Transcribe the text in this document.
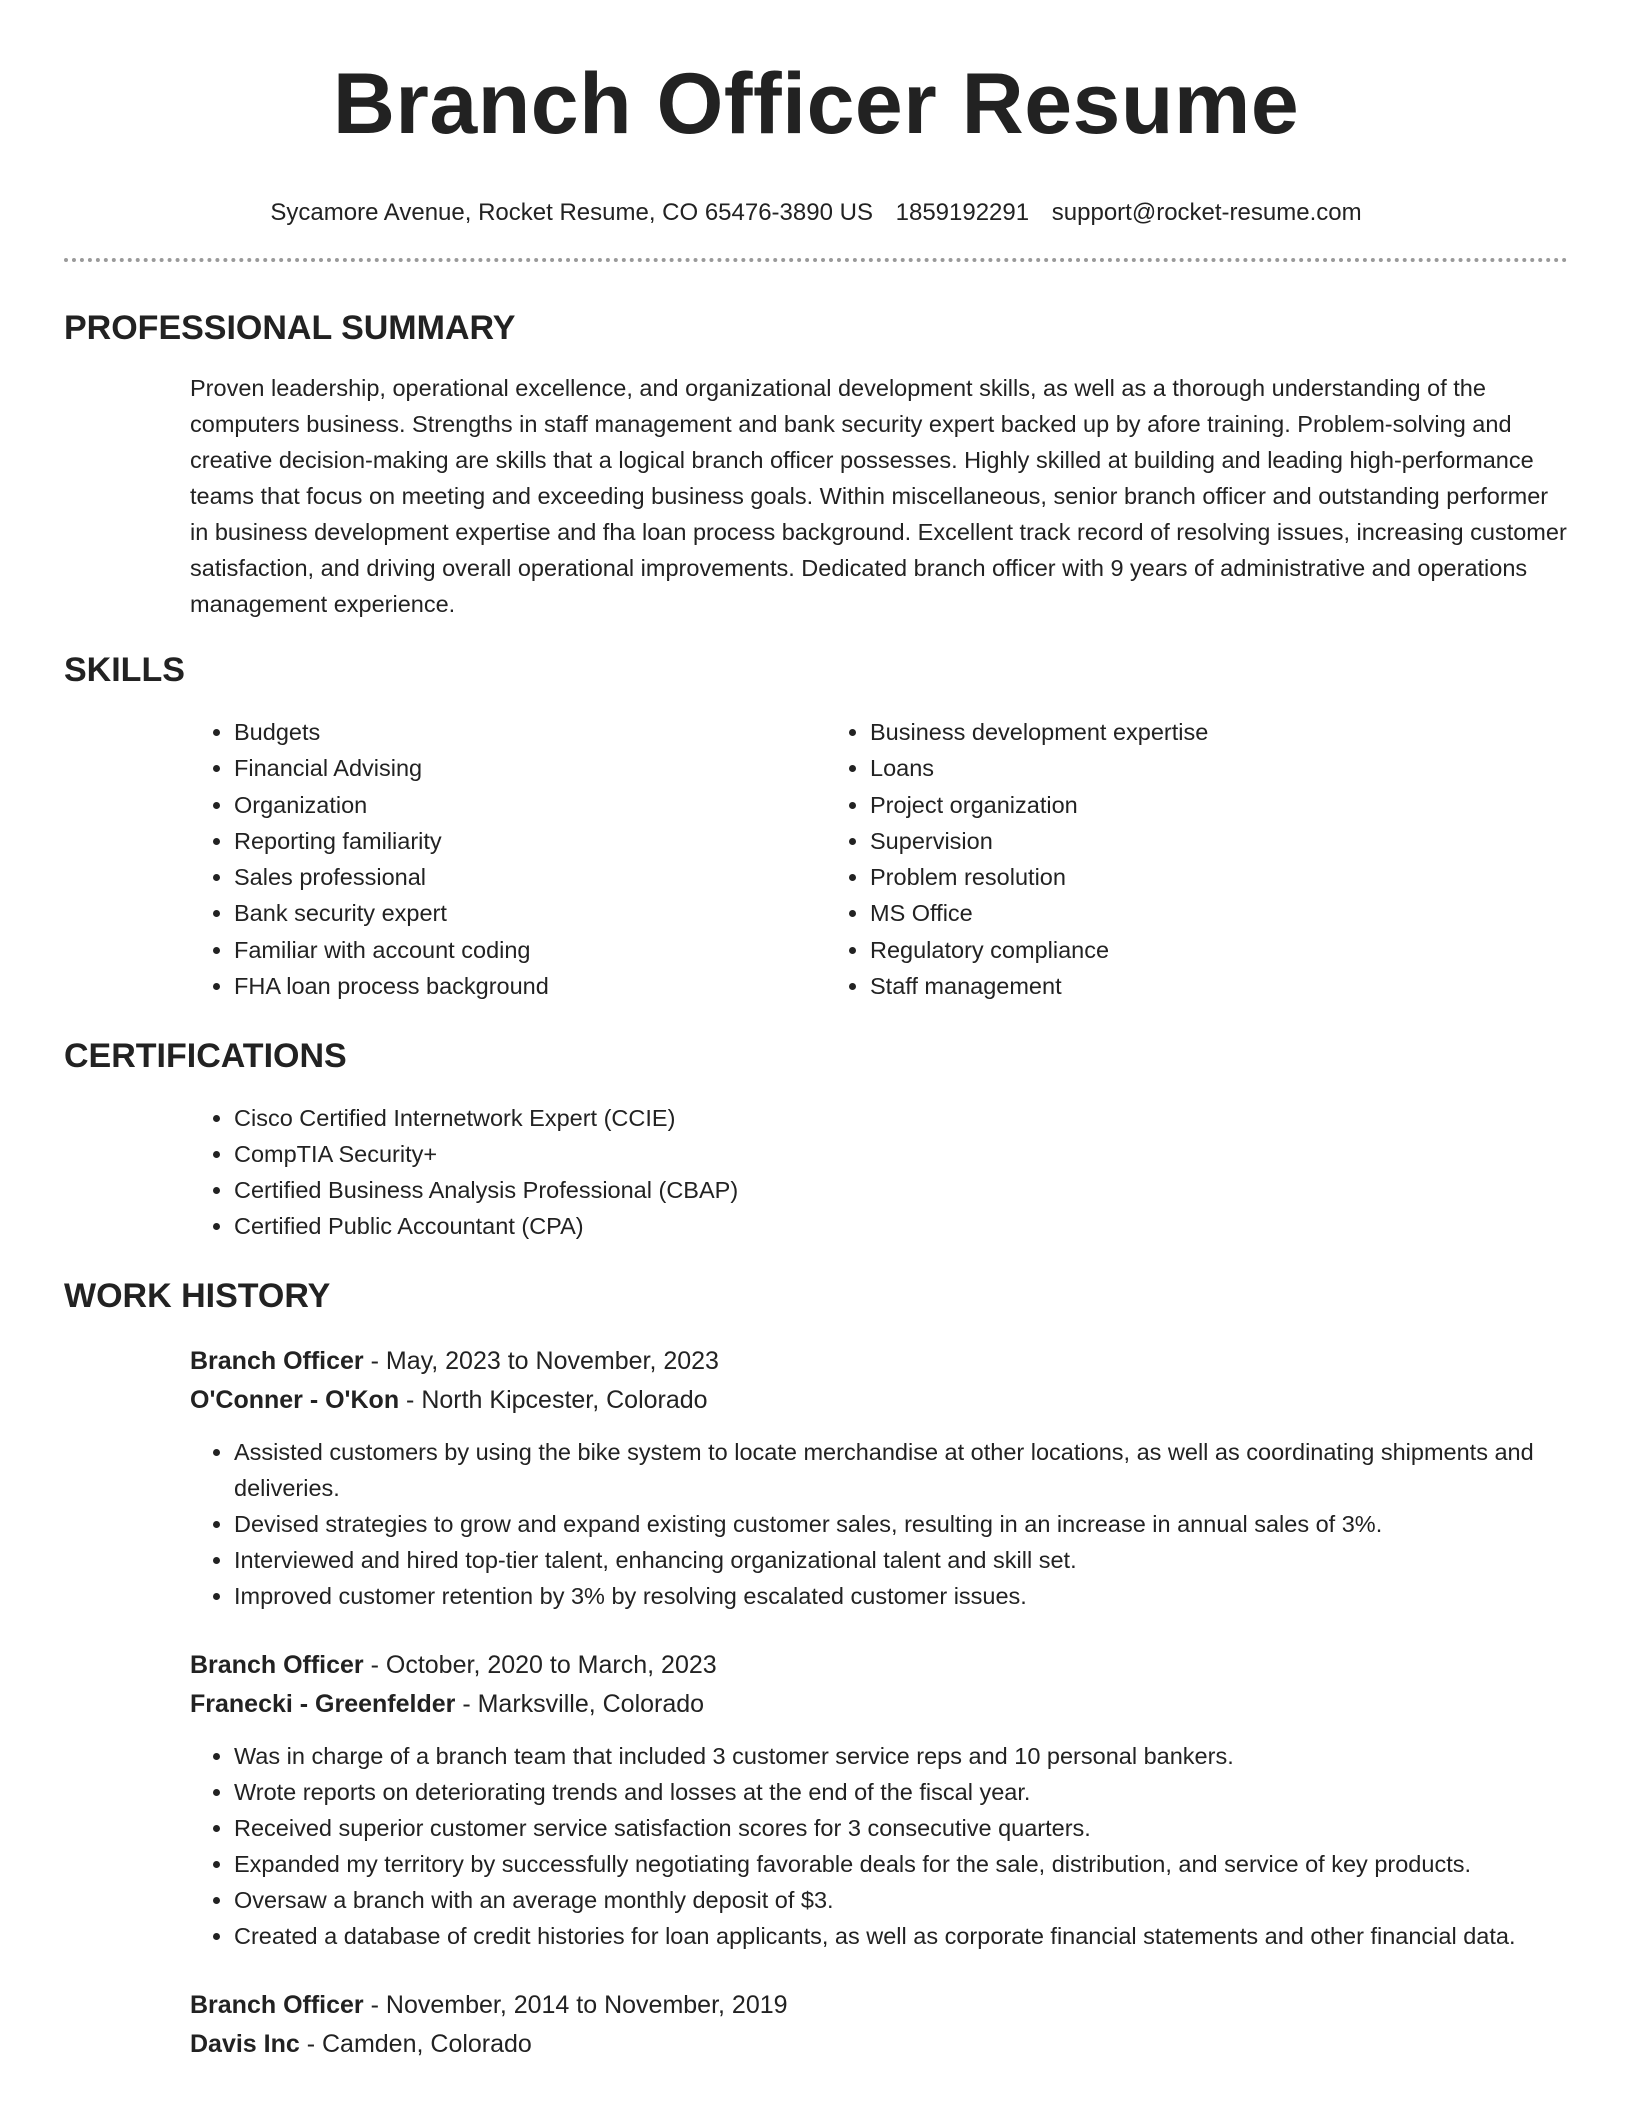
Branch Officer Resume
Sycamore Avenue, Rocket Resume, CO 65476-3890 US 1859192291 support@rocket-resume.com
PROFESSIONAL SUMMARY

Proven leadership, operational excellence, and organizational development skills, as well as a thorough understanding of the computers business. Strengths in staff management and bank security expert backed up by afore training. Problem-solving and creative decision-making are skills that a logical branch officer possesses. Highly skilled at building and leading high-performance teams that focus on meeting and exceeding business goals. Within miscellaneous, senior branch officer and outstanding performer in business development expertise and fha loan process background. Excellent track record of resolving issues, increasing customer satisfaction, and driving overall operational improvements. Dedicated branch officer with 9 years of administrative and operations management experience.

SKILLS
• Budgets
• Financial Advising
• Organization
• Reporting familiarity
• Sales professional
• Bank security expert
• Familiar with account coding
• FHA loan process background
• Business development expertise
• Loans
• Project organization
• Supervision
• Problem resolution
• MS Office
• Regulatory compliance
• Staff management
CERTIFICATIONS
• Cisco Certified Internetwork Expert (CCIE)
• CompTIA Security+
• Certified Business Analysis Professional (CBAP)
• Certified Public Accountant (CPA)
WORK HISTORY
Branch Officer - May, 2023 to November, 2023
O'Conner - O'Kon - North Kipcester, Colorado
• Assisted customers by using the bike system to locate merchandise at other locations, as well as coordinating shipments and deliveries.
• Devised strategies to grow and expand existing customer sales, resulting in an increase in annual sales of 3%.
• Interviewed and hired top-tier talent, enhancing organizational talent and skill set.
• Improved customer retention by 3% by resolving escalated customer issues.
Branch Officer - October, 2020 to March, 2023
Franecki - Greenfelder - Marksville, Colorado
• Was in charge of a branch team that included 3 customer service reps and 10 personal bankers.
• Wrote reports on deteriorating trends and losses at the end of the fiscal year.
• Received superior customer service satisfaction scores for 3 consecutive quarters.
• Expanded my territory by successfully negotiating favorable deals for the sale, distribution, and service of key products.
• Oversaw a branch with an average monthly deposit of $3.
• Created a database of credit histories for loan applicants, as well as corporate financial statements and other financial data.
Branch Officer - November, 2014 to November, 2019
Davis Inc - Camden, Colorado
